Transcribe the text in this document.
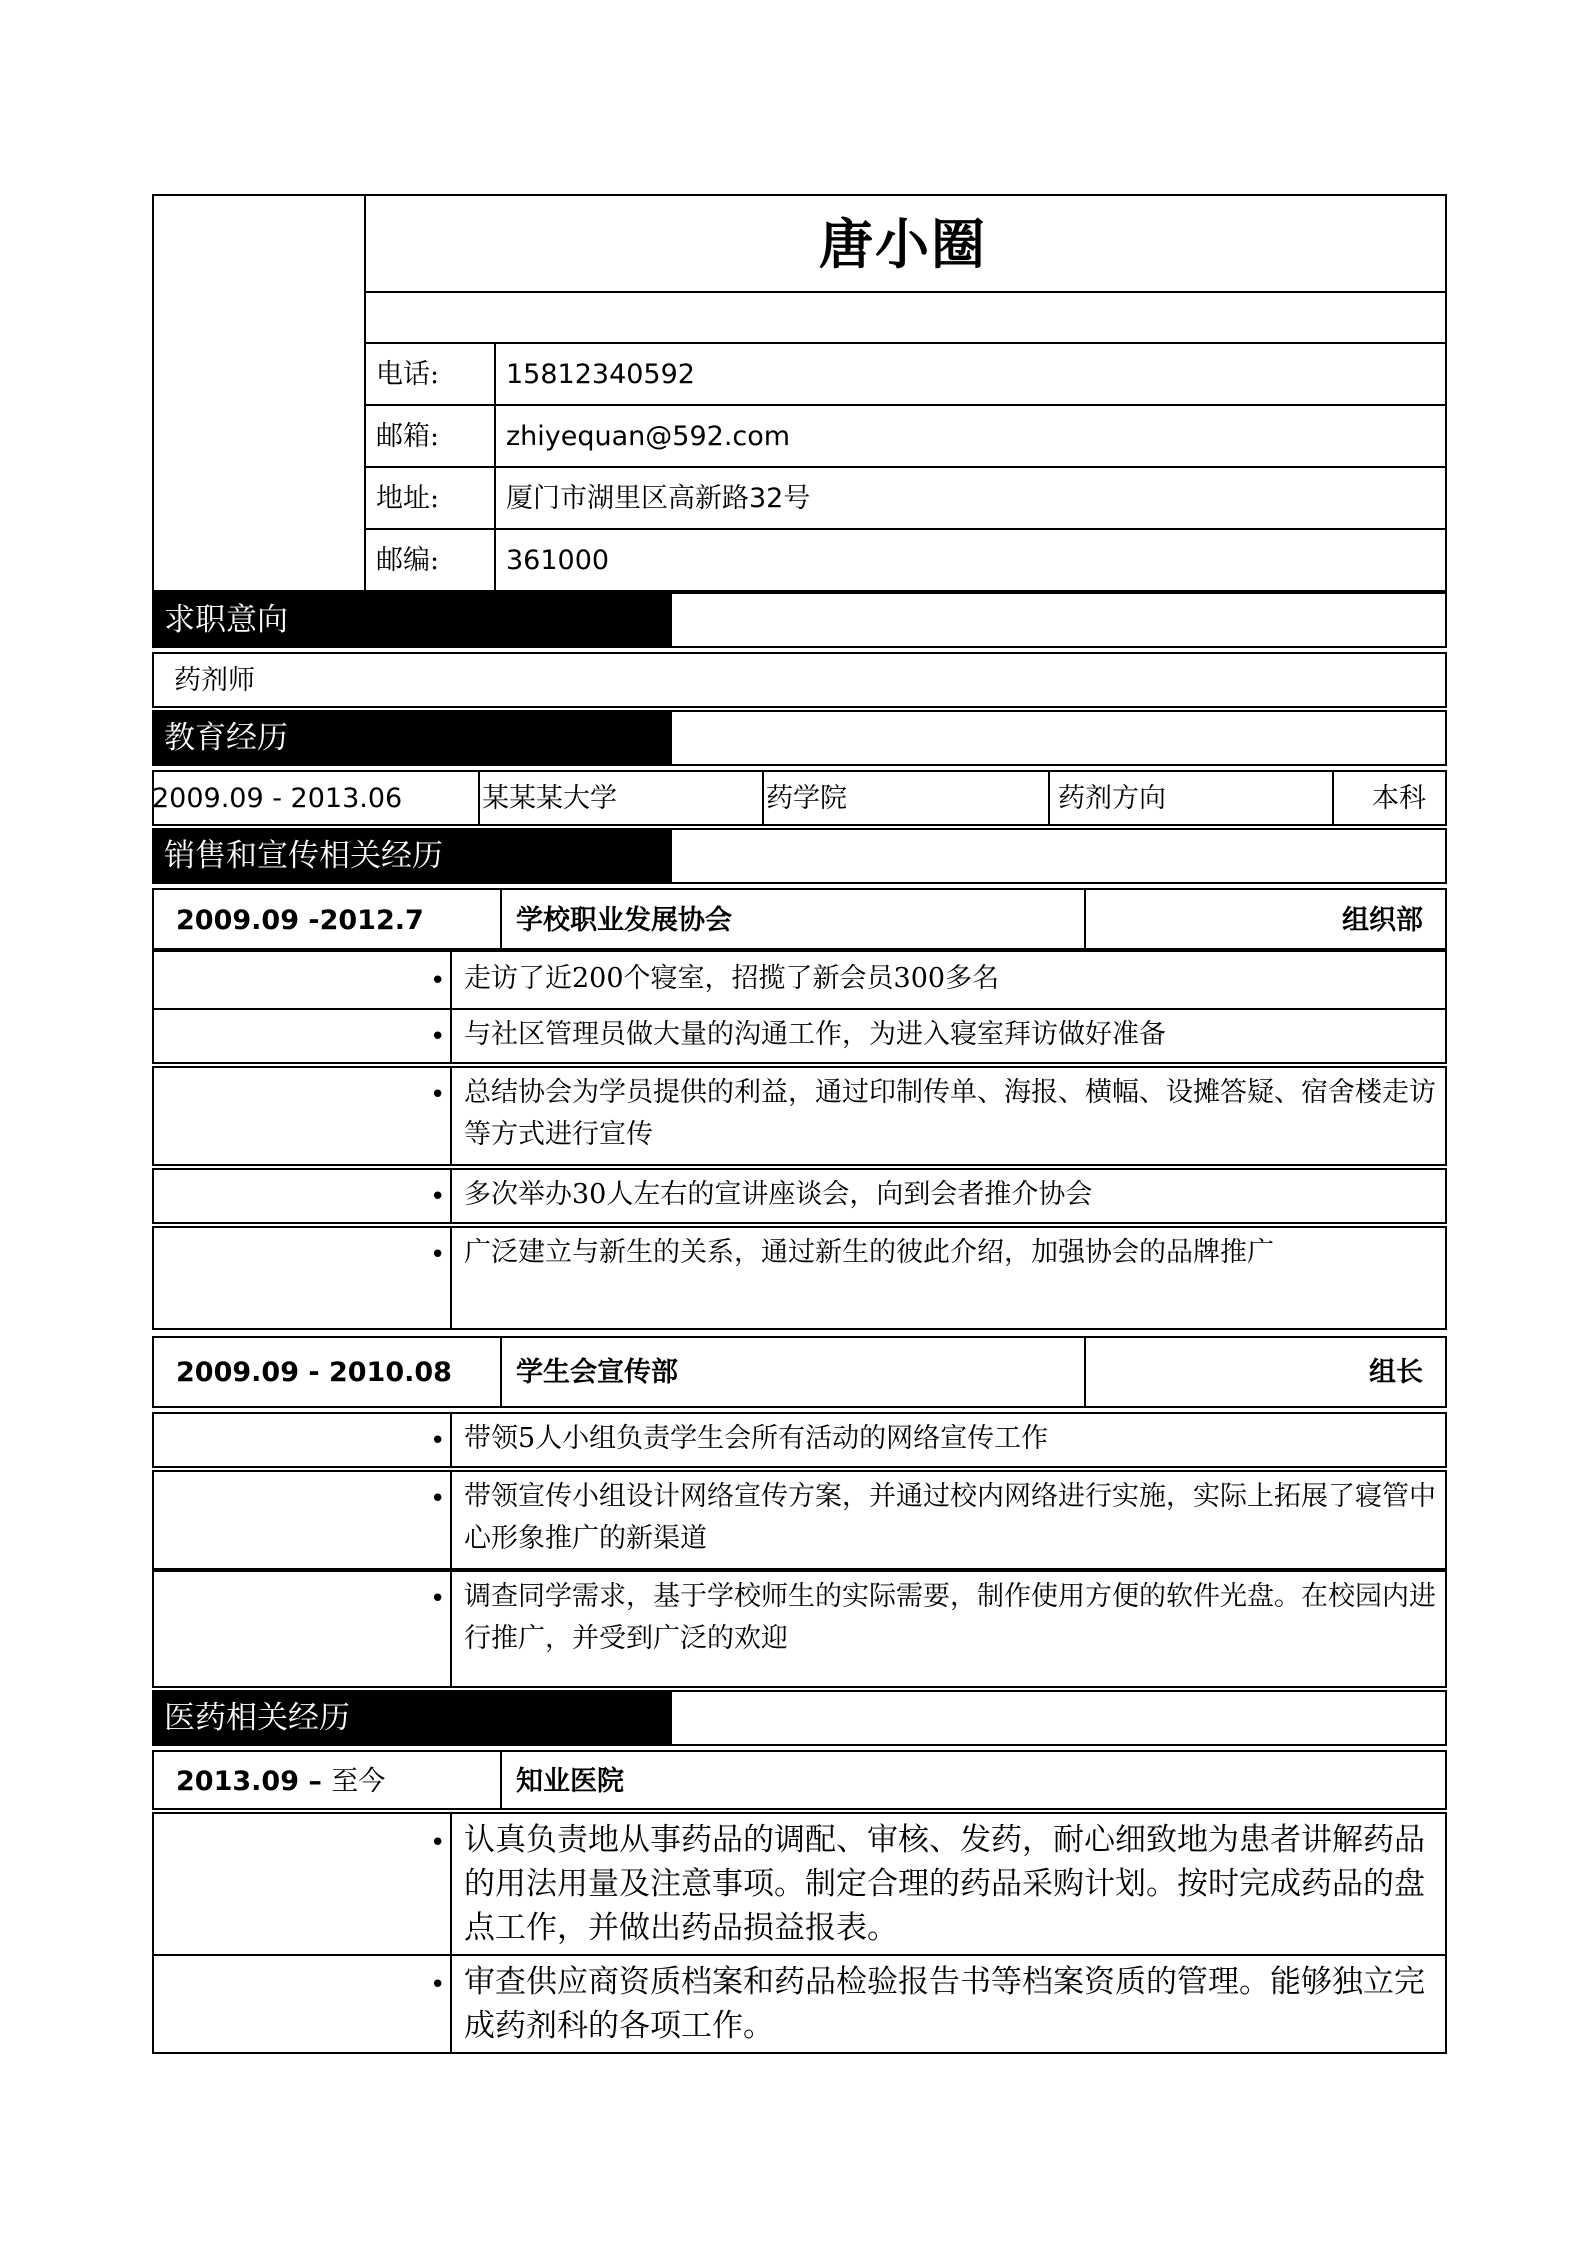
唐小圈
电话: 15812340592
邮箱: zhiyequan@592.com
地址: 厦门市湖里区高新路32号
邮编: 361000
求职意向
药剂师
教育经历
2009.09 - 2013.06	某某某大学	药学院	药剂方向	本科
销售和宣传相关经历
2009.09 -2012.7	学校职业发展协会	组织部
• 走访了近200个寝室，招揽了新会员300多名
• 与社区管理员做大量的沟通工作，为进入寝室拜访做好准备
• 总结协会为学员提供的利益，通过印制传单、海报、横幅、设摊答疑、宿舍楼走访等方式进行宣传
• 多次举办30人左右的宣讲座谈会，向到会者推介协会
• 广泛建立与新生的关系，通过新生的彼此介绍，加强协会的品牌推广
2009.09 - 2010.08 学生会宣传部	组长
• 带领5人小组负责学生会所有活动的网络宣传工作
• 带领宣传小组设计网络宣传方案，并通过校内网络进行实施，实际上拓展了寝管中心形象推广的新渠道
• 调查同学需求，基于学校师生的实际需要，制作使用方便的软件光盘。在校园内进行推广，并受到广泛的欢迎
医药相关经历
2013.09 – 至今	知业医院
• 认真负责地从事药品的调配、审核、发药，耐心细致地为患者讲解药品的用法用量及注意事项。制定合理的药品采购计划。按时完成药品的盘点工作，并做出药品损益报表。
• 审查供应商资质档案和药品检验报告书等档案资质的管理。能够独立完成药剂科的各项工作。
